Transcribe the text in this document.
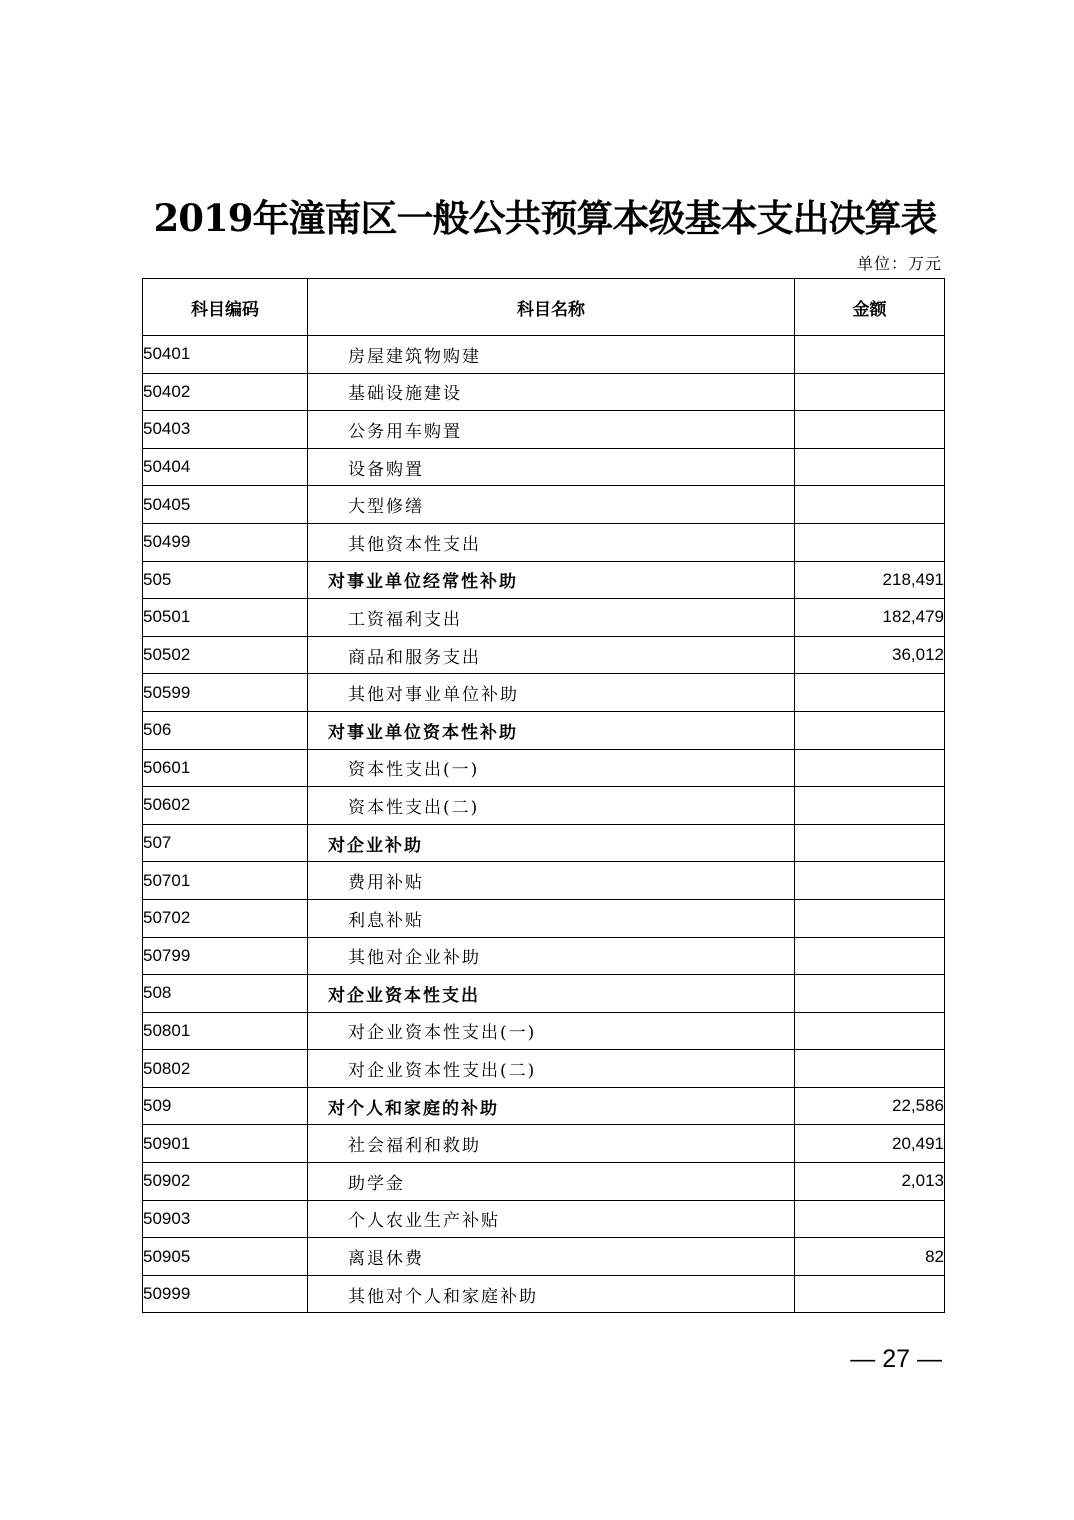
2019年潼南区一般公共预算本级基本支出决算表
单位：万元
科目编码	科目名称	金额
50401	房屋建筑物购建	
50402	基础设施建设	
50403	公务用车购置	
50404	设备购置	
50405	大型修缮	
50499	其他资本性支出	
505	对事业单位经常性补助	218,491
50501	工资福利支出	182,479
50502	商品和服务支出	36,012
50599	其他对事业单位补助	
506	对事业单位资本性补助	
50601	资本性支出(一)	
50602	资本性支出(二)	
507	对企业补助	
50701	费用补贴	
50702	利息补贴	
50799	其他对企业补助	
508	对企业资本性支出	
50801	对企业资本性支出(一)	
50802	对企业资本性支出(二)	
509	对个人和家庭的补助	22,586
50901	社会福利和救助	20,491
50902	助学金	2,013
50903	个人农业生产补贴	
50905	离退休费	82
50999	其他对个人和家庭补助	
— 27 —
